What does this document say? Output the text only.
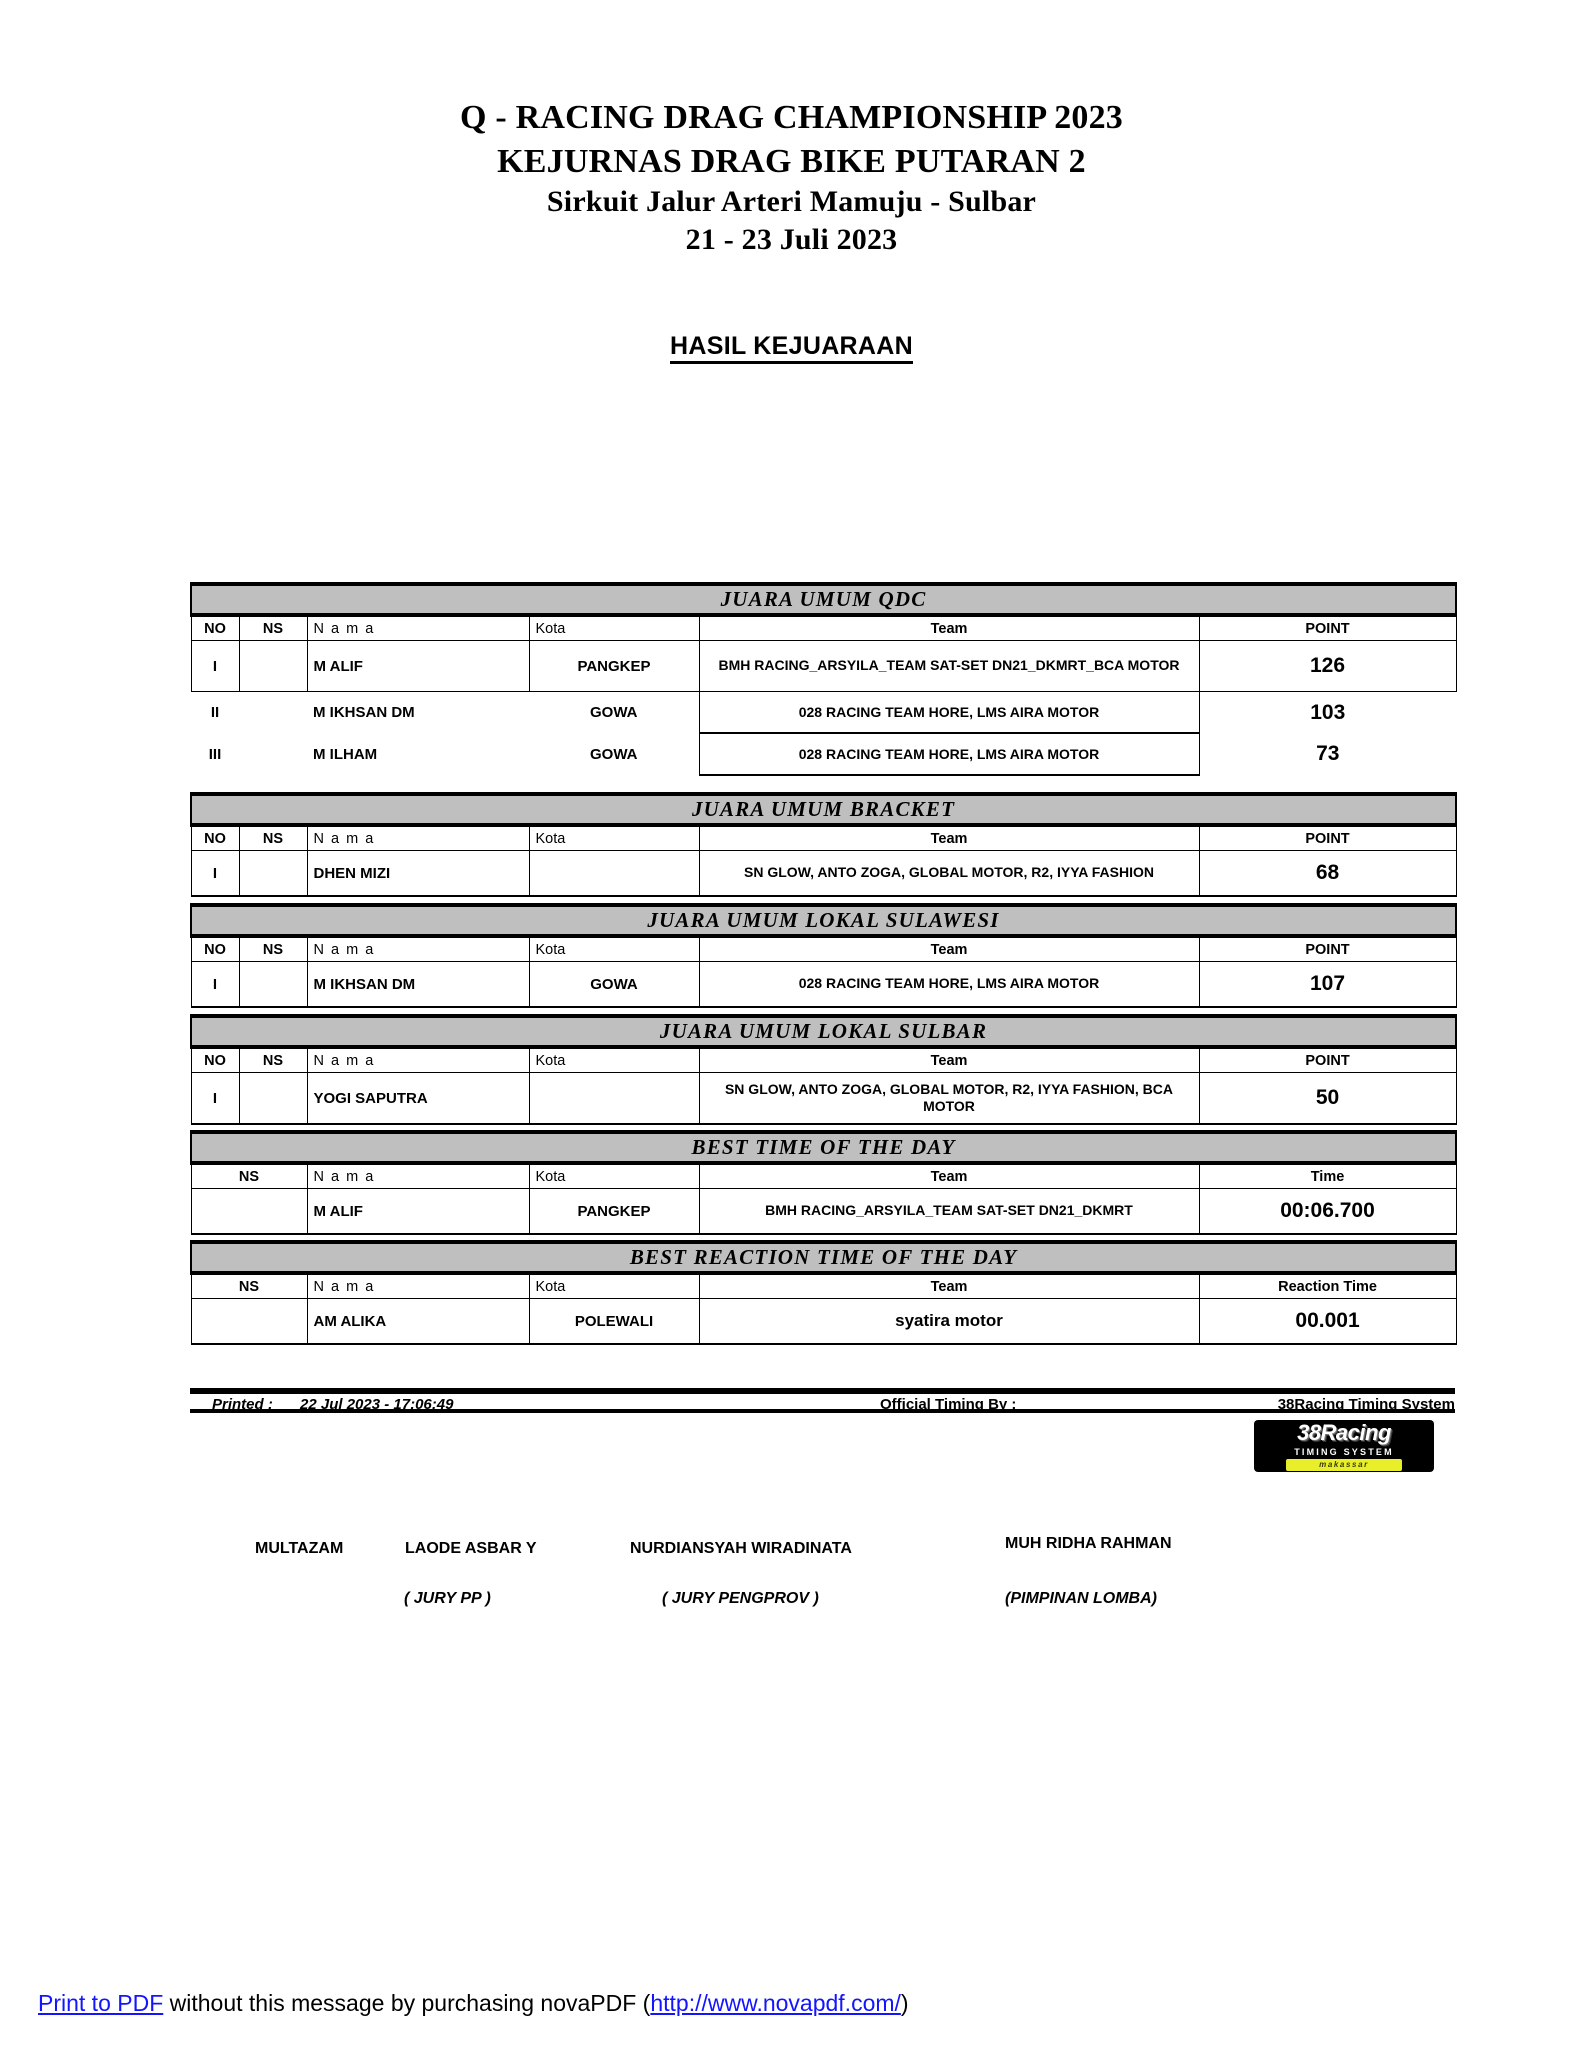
Q - RACING DRAG CHAMPIONSHIP 2023
KEJURNAS DRAG BIKE PUTARAN 2
Sirkuit Jalur Arteri Mamuju - Sulbar
21 - 23 Juli 2023
HASIL KEJUARAAN
JUARA UMUM QDC					
NO	NS	N a m a	Kota	Team	POINT
I		M ALIF	PANGKEP	BMH RACING_ARSYILA_TEAM SAT-SET DN21_DKMRT_BCA MOTOR	126
II		M IKHSAN DM	GOWA	028 RACING TEAM HORE, LMS AIRA MOTOR	103
III		M ILHAM	GOWA	028 RACING TEAM HORE, LMS AIRA MOTOR	73
JUARA UMUM BRACKET					
NO	NS	N a m a	Kota	Team	POINT
I		DHEN MIZI		SN GLOW, ANTO ZOGA, GLOBAL MOTOR, R2, IYYA FASHION	68
JUARA UMUM LOKAL SULAWESI					
NO	NS	N a m a	Kota	Team	POINT
I		M IKHSAN DM	GOWA	028 RACING TEAM HORE, LMS AIRA MOTOR	107
JUARA UMUM LOKAL SULBAR					
NO	NS	N a m a	Kota	Team	POINT
I		YOGI SAPUTRA		SN GLOW, ANTO ZOGA, GLOBAL MOTOR, R2, IYYA FASHION, BCA MOTOR	50
BEST TIME OF THE DAY				
NS	N a m a	Kota	Team	Time
	M ALIF	PANGKEP	BMH RACING_ARSYILA_TEAM SAT-SET DN21_DKMRT	00:06.700
BEST REACTION TIME OF THE DAY				
NS	N a m a	Kota	Team	Reaction Time
	AM ALIKA	POLEWALI	syatira motor	00.001
Printed : 22 Jul 2023 - 17:06:49	Official Timing By :	38Racing Timing System
38Racing
TIMING SYSTEM
makassar
MULTAZAM	LAODE ASBAR Y	NURDIANSYAH WIRADINATA	MUH RIDHA RAHMAN
( JURY PP )	( JURY PENGPROV )	(PIMPINAN LOMBA)
Print to PDF without this message by purchasing novaPDF (http://www.novapdf.com/)
